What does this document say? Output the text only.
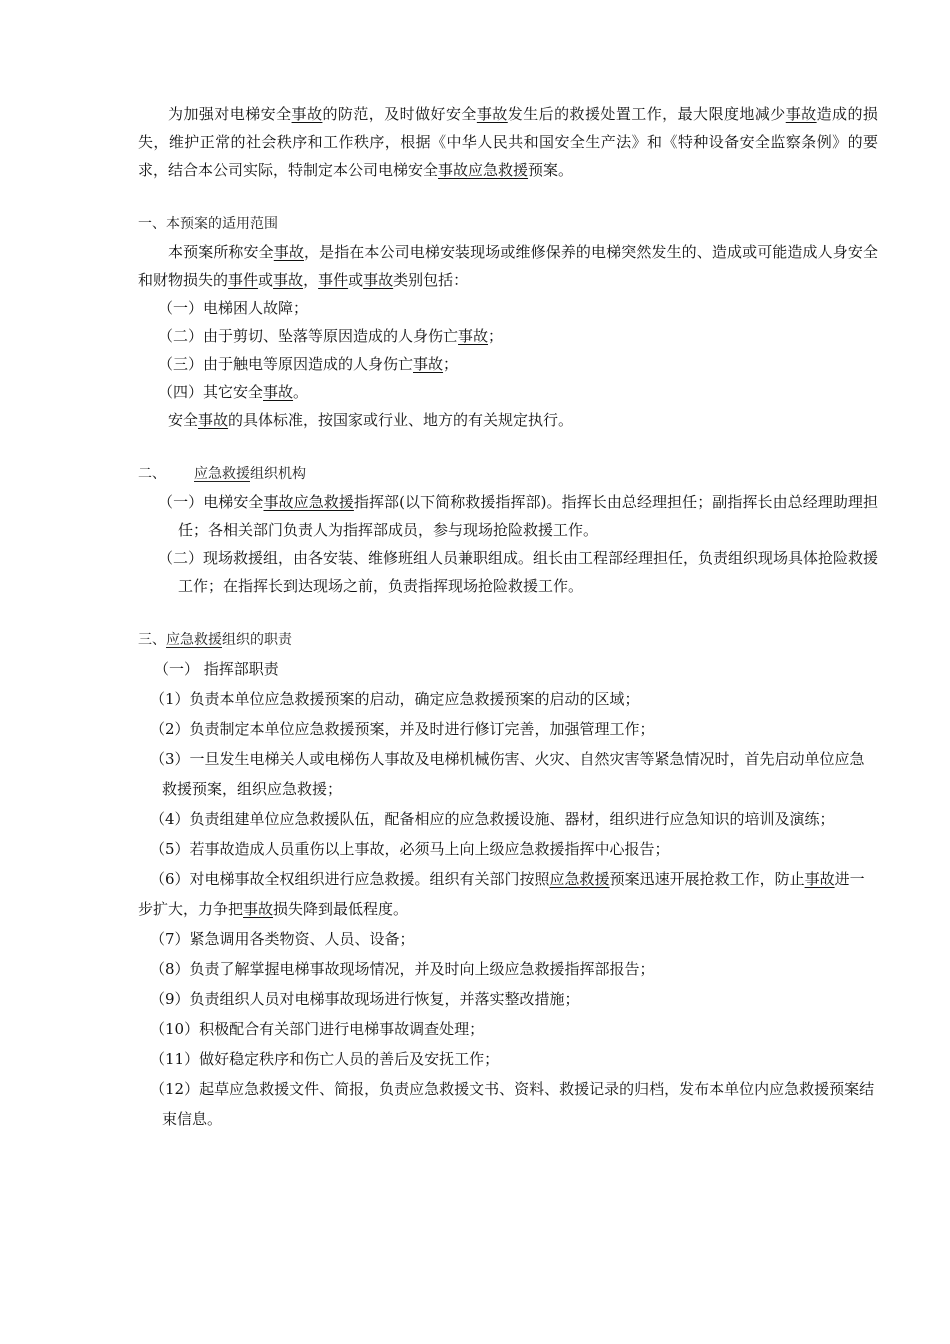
为加强对电梯安全事故的防范，及时做好安全事故发生后的救援处置工作，最大限度地减少事故造成的损失，维护正常的社会秩序和工作秩序，根据《中华人民共和国安全生产法》和《特种设备安全监察条例》的要求，结合本公司实际，特制定本公司电梯安全事故应急救援预案。

一、本预案的适用范围

本预案所称安全事故，是指在本公司电梯安装现场或维修保养的电梯突然发生的、造成或可能造成人身安全和财物损失的事件或事故，事件或事故类别包括：

（一）电梯困人故障；

（二）由于剪切、坠落等原因造成的人身伤亡事故；

（三）由于触电等原因造成的人身伤亡事故；

（四）其它安全事故。

安全事故的具体标准，按国家或行业、地方的有关规定执行。

二、 应急救援组织机构

（一）电梯安全事故应急救援指挥部(以下简称救援指挥部)。指挥长由总经理担任；副指挥长由总经理助理担任；各相关部门负责人为指挥部成员，参与现场抢险救援工作。

（二）现场救援组，由各安装、维修班组人员兼职组成。组长由工程部经理担任，负责组织现场具体抢险救援工作；在指挥长到达现场之前，负责指挥现场抢险救援工作。

三、应急救援组织的职责

（一） 指挥部职责

（1）负责本单位应急救援预案的启动，确定应急救援预案的启动的区域；

（2）负责制定本单位应急救援预案，并及时进行修订完善，加强管理工作；

（3）一旦发生电梯关人或电梯伤人事故及电梯机械伤害、火灾、自然灾害等紧急情况时，首先启动单位应急救援预案，组织应急救援；

（4）负责组建单位应急救援队伍，配备相应的应急救援设施、器材，组织进行应急知识的培训及演练；

（5）若事故造成人员重伤以上事故，必须马上向上级应急救援指挥中心报告；

（6）对电梯事故全权组织进行应急救援。组织有关部门按照应急救援预案迅速开展抢救工作，防止事故进一步扩大，力争把事故损失降到最低程度。

（7）紧急调用各类物资、人员、设备；

（8）负责了解掌握电梯事故现场情况，并及时向上级应急救援指挥部报告；

（9）负责组织人员对电梯事故现场进行恢复，并落实整改措施；

（10）积极配合有关部门进行电梯事故调查处理；

（11）做好稳定秩序和伤亡人员的善后及安抚工作；

（12）起草应急救援文件、简报，负责应急救援文书、资料、救援记录的归档，发布本单位内应急救援预案结束信息。
